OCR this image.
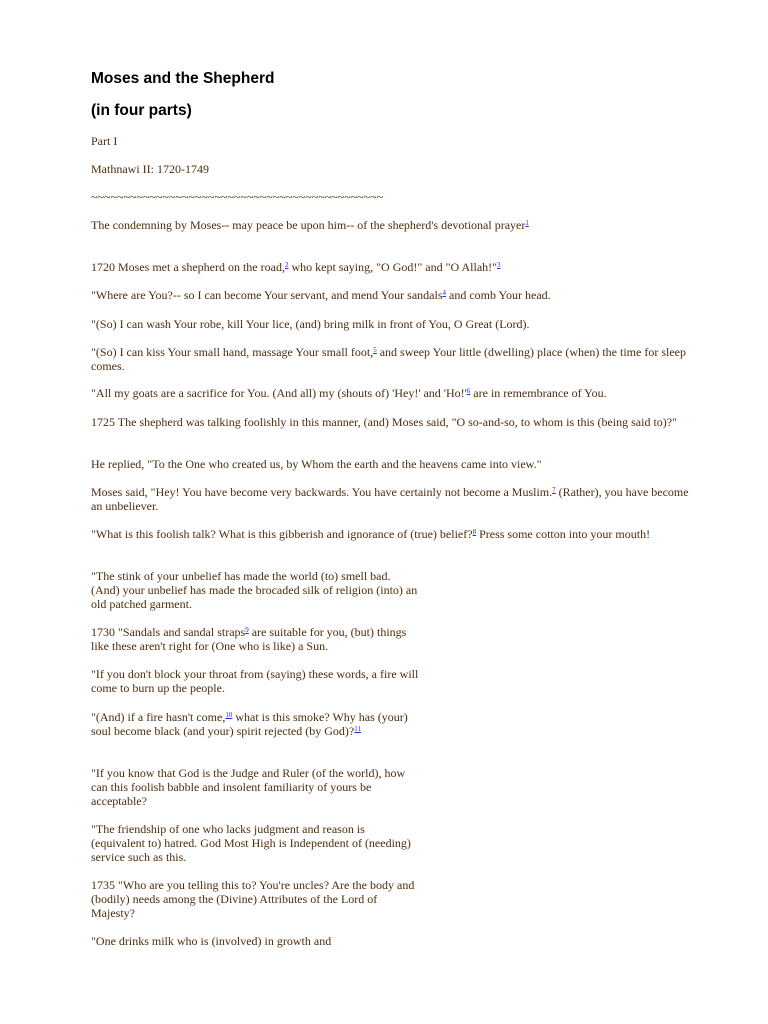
Moses and the Shepherd
(in four parts)
Part I
Mathnawi II: 1720-1749
~~~~~~~~~~~~~~~~~~~~~~~~~~~~~~~~~~~~~~~~~~~~~
The condemning by Moses-- may peace be upon him-- of the shepherd's devotional prayer$^1$
1720 Moses met a shepherd on the road,$^2$ who kept saying, "O God!" and "O Allah!"$^3$
"Where are You?-- so I can become Your servant, and mend Your sandals$^4$ and comb Your head.
"(So) I can wash Your robe, kill Your lice, (and) bring milk in front of You, O Great (Lord).
"(So) I can kiss Your small hand, massage Your small foot,$^5$ and sweep Your little (dwelling) place (when) the time for sleep comes.
"All my goats are a sacrifice for You. (And all) my (shouts of) 'Hey!' and 'Ho!'$^6$ are in remembrance of You.
1725 The shepherd was talking foolishly in this manner, (and) Moses said, "O so-and-so, to whom is this (being said to)?"
He replied, "To the One who created us, by Whom the earth and the heavens came into view."
Moses said, "Hey! You have become very backwards. You have certainly not become a Muslim.$^7$ (Rather), you have become an unbeliever.
"What is this foolish talk? What is this gibberish and ignorance of (true) belief?$^8$ Press some cotton into your mouth!
"The stink of your unbelief has made the world (to) smell bad. (And) your unbelief has made the brocaded silk of religion (into) an old patched garment.
1730 "Sandals and sandal straps$^9$ are suitable for you, (but) things like these aren't right for (One who is like) a Sun.
"If you don't block your throat from (saying) these words, a fire will come to burn up the people.
"(And) if a fire hasn't come,$^{10}$ what is this smoke? Why has (your) soul become black (and your) spirit rejected (by God)?$^{11}$
"If you know that God is the Judge and Ruler (of the world), how can this foolish babble and insolent familiarity of yours be acceptable?
"The friendship of one who lacks judgment and reason is (equivalent to) hatred. God Most High is Independent of (needing) service such as this.
1735 "Who are you telling this to? You're uncles? Are the body and (bodily) needs among the (Divine) Attributes of the Lord of Majesty?
"One drinks milk who is (involved) in growth and
